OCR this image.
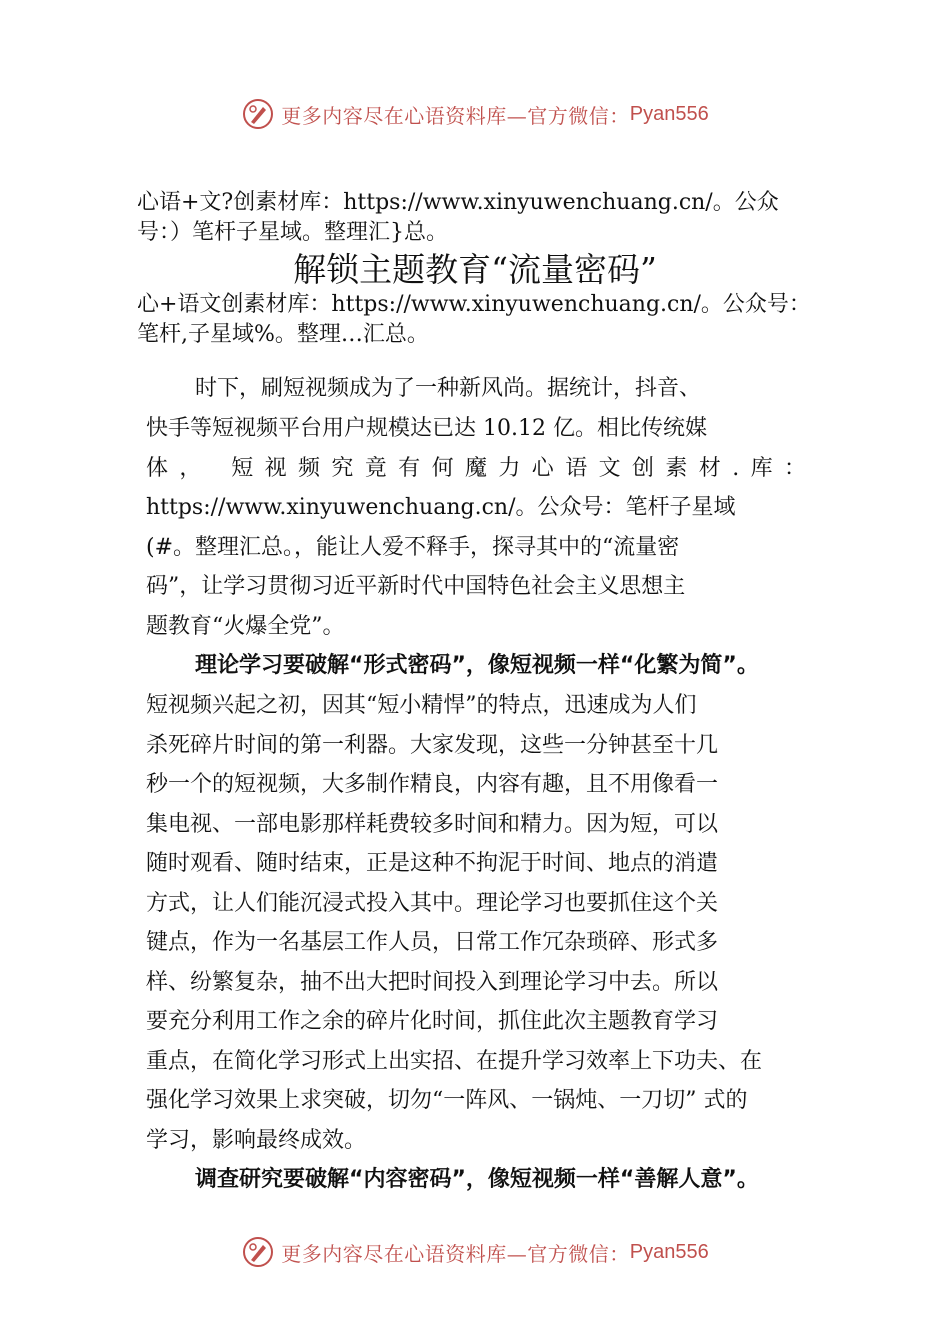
更多内容尽在心语资料库—官方微信： Pyan556
心语+文?创素材库：https://www.xinyuwenchuang.cn/。公众
号：）笔杆子星域。整理汇}总。
解锁主题教育“流量密码”
心+语文创素材库：https://www.xinyuwenchuang.cn/。公众号：
笔杆,子星域%。整理…汇总。
时下，刷短视频成为了一种新风尚。据统计，抖音、
快手等短视频平台用户规模达已达 10.12 亿。相比传统媒
体， 短视频究竟有何魔力心语文创素材.库：
https://www.xinyuwenchuang.cn/。公众号：笔杆子星域
(#。整理汇总。，能让人爱不释手，探寻其中的“流量密
码”，让学习贯彻习近平新时代中国特色社会主义思想主
题教育“火爆全党”。
理论学习要破解“形式密码”，像短视频一样“化繁为简”。
短视频兴起之初，因其“短小精悍”的特点，迅速成为人们
杀死碎片时间的第一利器。大家发现，这些一分钟甚至十几
秒一个的短视频，大多制作精良，内容有趣，且不用像看一
集电视、一部电影那样耗费较多时间和精力。因为短，可以
随时观看、随时结束，正是这种不拘泥于时间、地点的消遣
方式，让人们能沉浸式投入其中。理论学习也要抓住这个关
键点，作为一名基层工作人员，日常工作冗杂琐碎、形式多
样、纷繁复杂，抽不出大把时间投入到理论学习中去。所以
要充分利用工作之余的碎片化时间，抓住此次主题教育学习
重点，在简化学习形式上出实招、在提升学习效率上下功夫、在
强化学习效果上求突破，切勿“一阵风、一锅炖、一刀切” 式的
学习，影响最终成效。
调查研究要破解“内容密码”，像短视频一样“善解人意”。
更多内容尽在心语资料库—官方微信： Pyan556
